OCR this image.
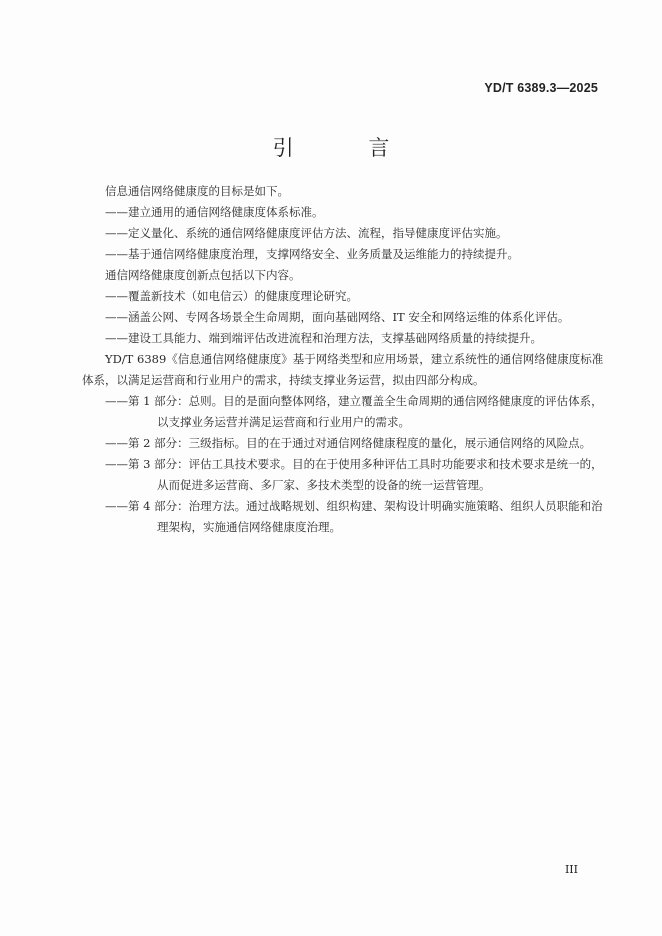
YD/T 6389.3—2025
引 言

信息通信网络健康度的目标是如下。

——建立通用的通信网络健康度体系标准。

——定义量化、系统的通信网络健康度评估方法、流程，指导健康度评估实施。

——基于通信网络健康度治理，支撑网络安全、业务质量及运维能力的持续提升。

通信网络健康度创新点包括以下内容。

——覆盖新技术（如电信云）的健康度理论研究。

——涵盖公网、专网各场景全生命周期，面向基础网络、IT 安全和网络运维的体系化评估。

——建设工具能力、端到端评估改进流程和治理方法，支撑基础网络质量的持续提升。

YD/T 6389《信息通信网络健康度》基于网络类型和应用场景，建立系统性的通信网络健康度标准

体系，以满足运营商和行业用户的需求，持续支撑业务运营，拟由四部分构成。

——第 1 部分：总则。目的是面向整体网络，建立覆盖全生命周期的通信网络健康度的评估体系，

以支撑业务运营并满足运营商和行业用户的需求。

——第 2 部分：三级指标。目的在于通过对通信网络健康程度的量化，展示通信网络的风险点。

——第 3 部分：评估工具技术要求。目的在于使用多种评估工具时功能要求和技术要求是统一的，

从而促进多运营商、多厂家、多技术类型的设备的统一运营管理。

——第 4 部分：治理方法。通过战略规划、组织构建、架构设计明确实施策略、组织人员职能和治

理架构，实施通信网络健康度治理。

III
